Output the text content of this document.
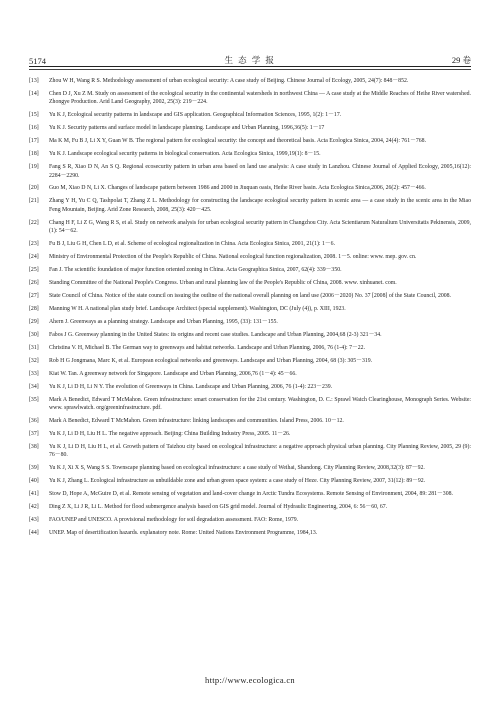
5174	生 态 学 报	29 卷
[13]	Zhou W H, Wang R S. Methodology assessment of urban ecological security: A case study of Beijing. Chinese Journal of Ecology, 2005, 24(7): 848－852.
[14]	Chen D J, Xu Z M. Study on assessment of the ecological security in the continental watersheds in northwest China — A case study at the Middle Reaches of Heihe River watershed. Zhongye Production. Arid Land Geography, 2002, 25(3): 219－224.
[15]	Yu K J, Ecological security patterns in landscape and GIS application. Geographical Information Sciences, 1995, 1(2): 1－17.
[16]	Yu K J. Security patterns and surface model in landscape planning. Landscape and Urban Planning, 1996,36(5): 1－17
[17]	Ma K M, Fu B J, Li X Y, Guan W B. The regional pattern for ecological security: the concept and theoretical basis. Acta Ecologica Sinica, 2004, 24(4): 761－768.
[18]	Yu K J. Landscape ecological security patterns in biological conservation. Acta Ecologica Sinica, 1999,19(1): 8－15.
[19]	Fang S R, Xiao D N, An S Q. Regional ecosecurity pattern in urban area based on land use analysis: A case study in Lanzhou. Chinese Journal of Applied Ecology, 2005,16(12): 2284－2290.
[20]	Guo M, Xiao D N, Li X. Changes of landscape pattern between 1986 and 2000 in Jiuquan oasis, Heihe River basin. Acta Ecologica Sinica,2006, 26(2): 457－466.
[21]	Zhang Y H, Yu C Q, Tashpolat T, Zhang Z L. Methodology for constructing the landscape ecological security pattern in scenic area — a case study in the scenic area in the Miao Feng Mountain, Beijing. Arid Zone Research, 2008, 25(3): 420－425.
[22]	Chang H F, Li Z G, Wang R S, et al. Study on network analysis for urban ecological security pattern in Changzhou City. Acta Scientiarum Naturalium Universitatis Pekinensis, 2009, (1): 54－62.
[23]	Fu B J, Liu G H, Chen L D, et al. Scheme of ecological regionalization in China. Acta Ecologica Sinica, 2001, 21(1): 1－6.
[24]	Ministry of Environmental Protection of the People's Republic of China. National ecological function regionalization, 2008. 1－5. online: www. mep. gov. cn.
[25]	Fan J. The scientific foundation of major function oriented zoning in China. Acta Geographica Sinica, 2007, 62(4): 339－350.
[26]	Standing Committee of the National People's Congress. Urban and rural planning law of the People's Republic of China, 2008. www. xinhuanet. com.
[27]	State Council of China. Notice of the state council on issuing the outline of the national overall planning on land use (2006－2020) No. 37 [2008] of the State Council, 2008.
[28]	Manning W H. A national plan study brief. Landscape Architect (special supplement). Washington, DC (July (4)), p. XIII, 1923.
[29]	Ahern J. Greenways as a planning strategy. Landscape and Urban Planning, 1995, (33): 131－155.
[30]	Fabos J G. Greenway planning in the United States: its origins and recent case studies. Landscape and Urban Planning, 2004,68 (2-3) 321－34.
[31]	Christina V. H, Michael B. The German way to greenways and habitat networks. Landscape and Urban Planning, 2006, 76 (1-4): 7－22.
[32]	Rob H G Jongmana, Marc K, et al. European ecological networks and greenways. Landscape and Urban Planning, 2004, 68 (3): 305－319.
[33]	Kiat W. Tan. A greenway network for Singapore. Landscape and Urban Planning, 2006,76 (1－4): 45－66.
[34]	Yu K J, Li D H, Li N Y. The evolution of Greenways in China. Landscape and Urban Planning, 2006, 76 (1-4): 223－239.
[35]	Mark A Benedict, Edward T McMahon. Green infrastructure: smart conservation for the 21st century. Washington, D. C.: Sprawl Watch Clearinghouse, Monograph Series. Website: www. sprawlwatch. org/greeninfrastructure. pdf.
[36]	Mark A Benedict, Edward T McMahon. Green infrastructure: linking landscapes and communities. Island Press, 2006. 10－12.
[37]	Yu K J, Li D H, Liu H L. The negative approach. Beijing: China Building Industry Press, 2005. 11－26.
[38]	Yu K J, Li D H, Liu H L, et al. Growth pattern of Taizhou city based on ecological infrastructure: a negative approach physical urban planning. City Planning Review, 2005, 29 (9): 76－80.
[39]	Yu K J, Xi X S, Wang S S. Townscape planning based on ecological infrastructure: a case study of Weihai, Shandong. City Planning Review, 2008,32(3): 87－92.
[40]	Yu K J, Zhang L. Ecological infrastructure as unbuildable zone and urban green space system: a case study of Heze. City Planning Review, 2007, 31(12): 89－92.
[41]	Stow D, Hope A, McGuire D, et al. Remote sensing of vegetation and land-cover change in Arctic Tundra Ecosystems. Remote Sensing of Environment, 2004, 89: 281－308.
[42]	Ding Z X, Li J R, Li L. Method for flood submergence analysis based on GIS grid model. Journal of Hydraulic Engineering, 2004, 6: 56－60, 67.
[43]	FAO/UNEP and UNESCO. A provisional methodology for soil degradation assessment. FAO: Rome, 1979.
[44]	UNEP. Map of desertification hazards. explanatory note. Rome: United Nations Environment Programme, 1984,13.
http://www.ecologica.cn
